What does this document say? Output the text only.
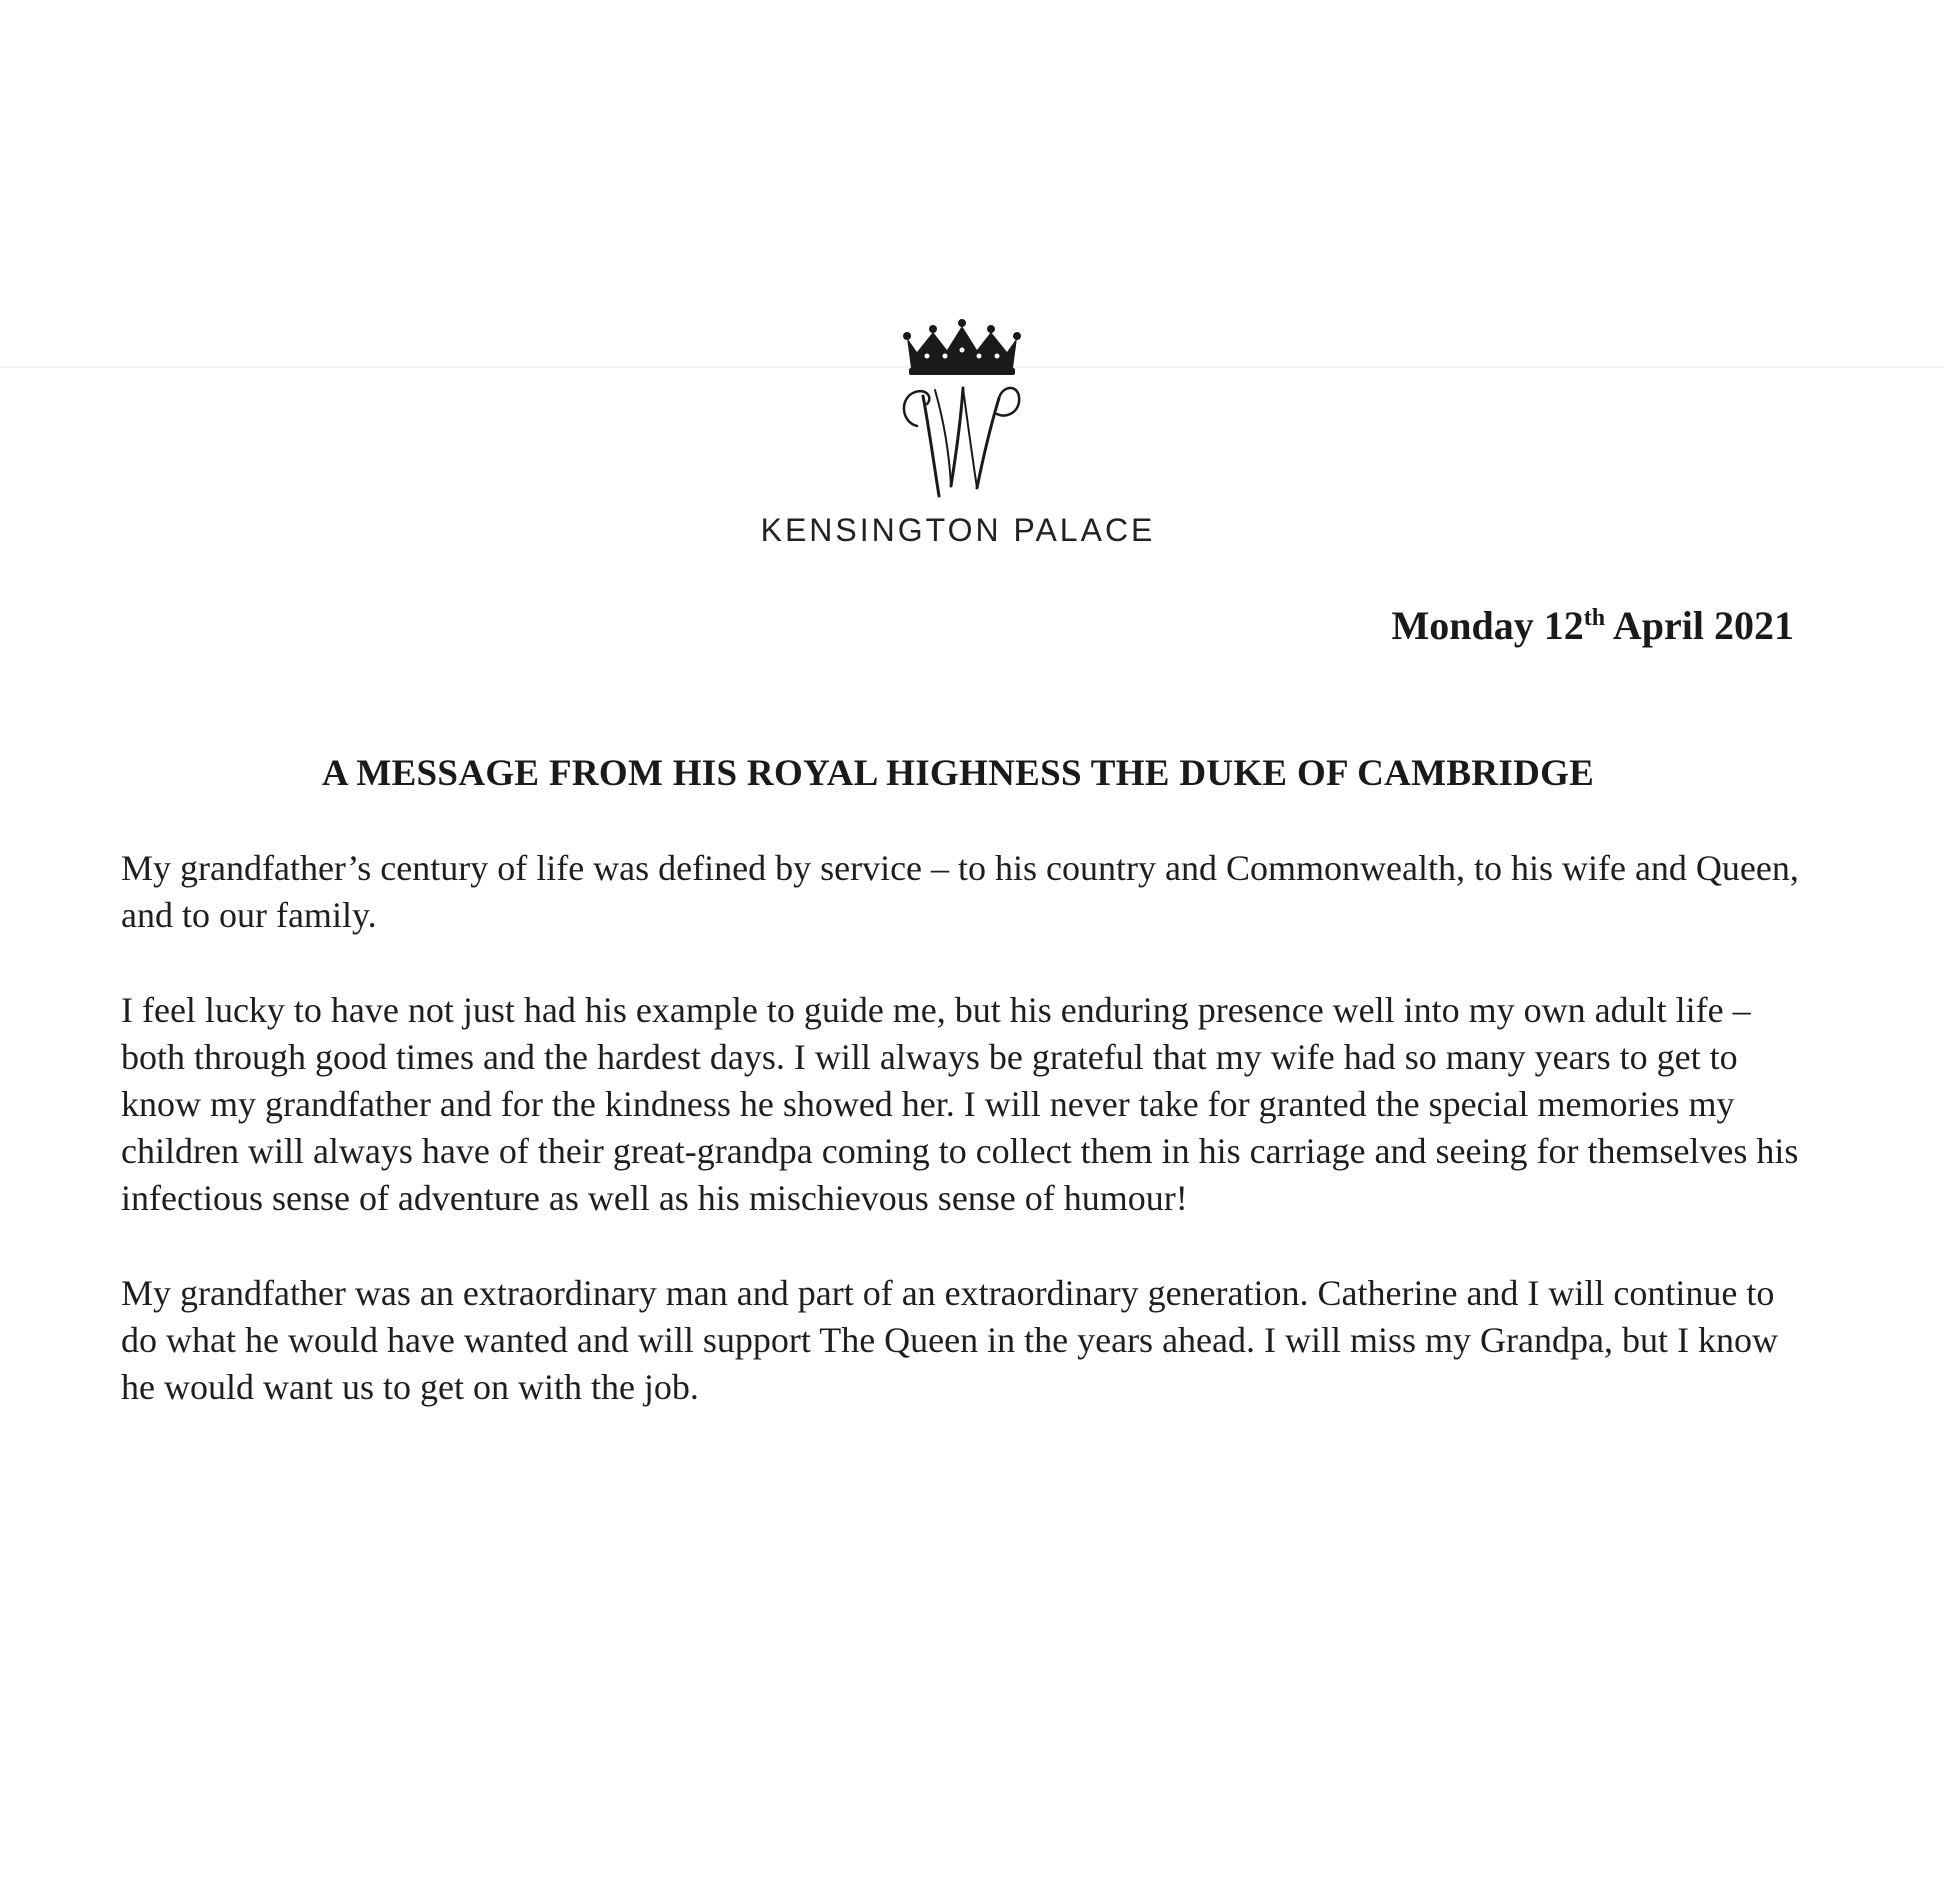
KENSINGTON PALACE
Monday 12th April 2021
A MESSAGE FROM HIS ROYAL HIGHNESS THE DUKE OF CAMBRIDGE

My grandfather’s century of life was defined by service – to his country and Commonwealth, to his wife and Queen, and to our family.

I feel lucky to have not just had his example to guide me, but his enduring presence well into my own adult life – both through good times and the hardest days. I will always be grateful that my wife had so many years to get to know my grandfather and for the kindness he showed her. I will never take for granted the special memories my children will always have of their great-grandpa coming to collect them in his carriage and seeing for themselves his infectious sense of adventure as well as his mischievous sense of humour!

My grandfather was an extraordinary man and part of an extraordinary generation. Catherine and I will continue to do what he would have wanted and will support The Queen in the years ahead. I will miss my Grandpa, but I know he would want us to get on with the job.
